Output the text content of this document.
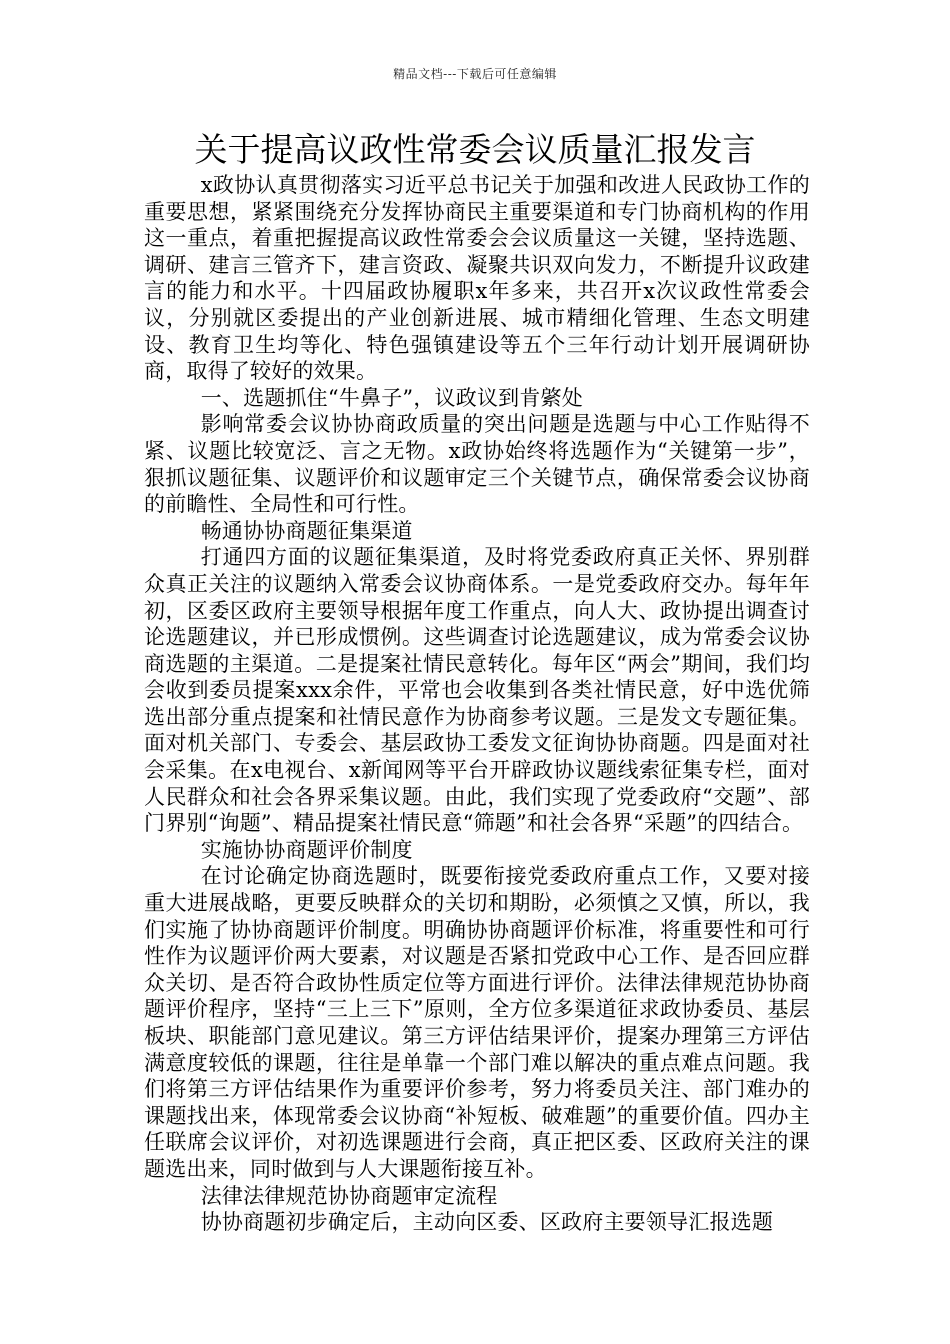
精品文档---下载后可任意编辑
关于提高议政性常委会议质量汇报发言

x政协认真贯彻落实习近平总书记关于加强和改进人民政协工作的重要思想，紧紧围绕充分发挥协商民主重要渠道和专门协商机构的作用这一重点，着重把握提高议政性常委会会议质量这一关键，坚持选题、调研、建言三管齐下，建言资政、凝聚共识双向发力，不断提升议政建言的能力和水平。十四届政协履职x年多来，共召开x次议政性常委会议，分别就区委提出的产业创新进展、城市精细化管理、生态文明建设、教育卫生均等化、特色强镇建设等五个三年行动计划开展调研协商，取得了较好的效果。

一、选题抓住“牛鼻子”，议政议到肯綮处

影响常委会议协协商政质量的突出问题是选题与中心工作贴得不紧、议题比较宽泛、言之无物。x政协始终将选题作为“关键第一步”，狠抓议题征集、议题评价和议题审定三个关键节点，确保常委会议协商的前瞻性、全局性和可行性。

畅通协协商题征集渠道

打通四方面的议题征集渠道，及时将党委政府真正关怀、界别群众真正关注的议题纳入常委会议协商体系。一是党委政府交办。每年年初，区委区政府主要领导根据年度工作重点，向人大、政协提出调查讨论选题建议，并已形成惯例。这些调查讨论选题建议，成为常委会议协商选题的主渠道。二是提案社情民意转化。每年区“两会”期间，我们均会收到委员提案xxx余件，平常也会收集到各类社情民意，好中选优筛选出部分重点提案和社情民意作为协商参考议题。三是发文专题征集。面对机关部门、专委会、基层政协工委发文征询协协商题。四是面对社会采集。在x电视台、x新闻网等平台开辟政协议题线索征集专栏，面对人民群众和社会各界采集议题。由此，我们实现了党委政府“交题”、部门界别“询题”、精品提案社情民意“筛题”和社会各界“采题”的四结合。

实施协协商题评价制度

在讨论确定协商选题时，既要衔接党委政府重点工作，又要对接重大进展战略，更要反映群众的关切和期盼，必须慎之又慎，所以，我们实施了协协商题评价制度。明确协协商题评价标准，将重要性和可行性作为议题评价两大要素，对议题是否紧扣党政中心工作、是否回应群众关切、是否符合政协性质定位等方面进行评价。法律法律规范协协商题评价程序，坚持“三上三下”原则，全方位多渠道征求政协委员、基层板块、职能部门意见建议。第三方评估结果评价，提案办理第三方评估满意度较低的课题，往往是单靠一个部门难以解决的重点难点问题。我们将第三方评估结果作为重要评价参考，努力将委员关注、部门难办的课题找出来，体现常委会议协商“补短板、破难题”的重要价值。四办主任联席会议评价，对初选课题进行会商，真正把区委、区政府关注的课题选出来，同时做到与人大课题衔接互补。

法律法律规范协协商题审定流程

协协商题初步确定后，主动向区委、区政府主要领导汇报选题
